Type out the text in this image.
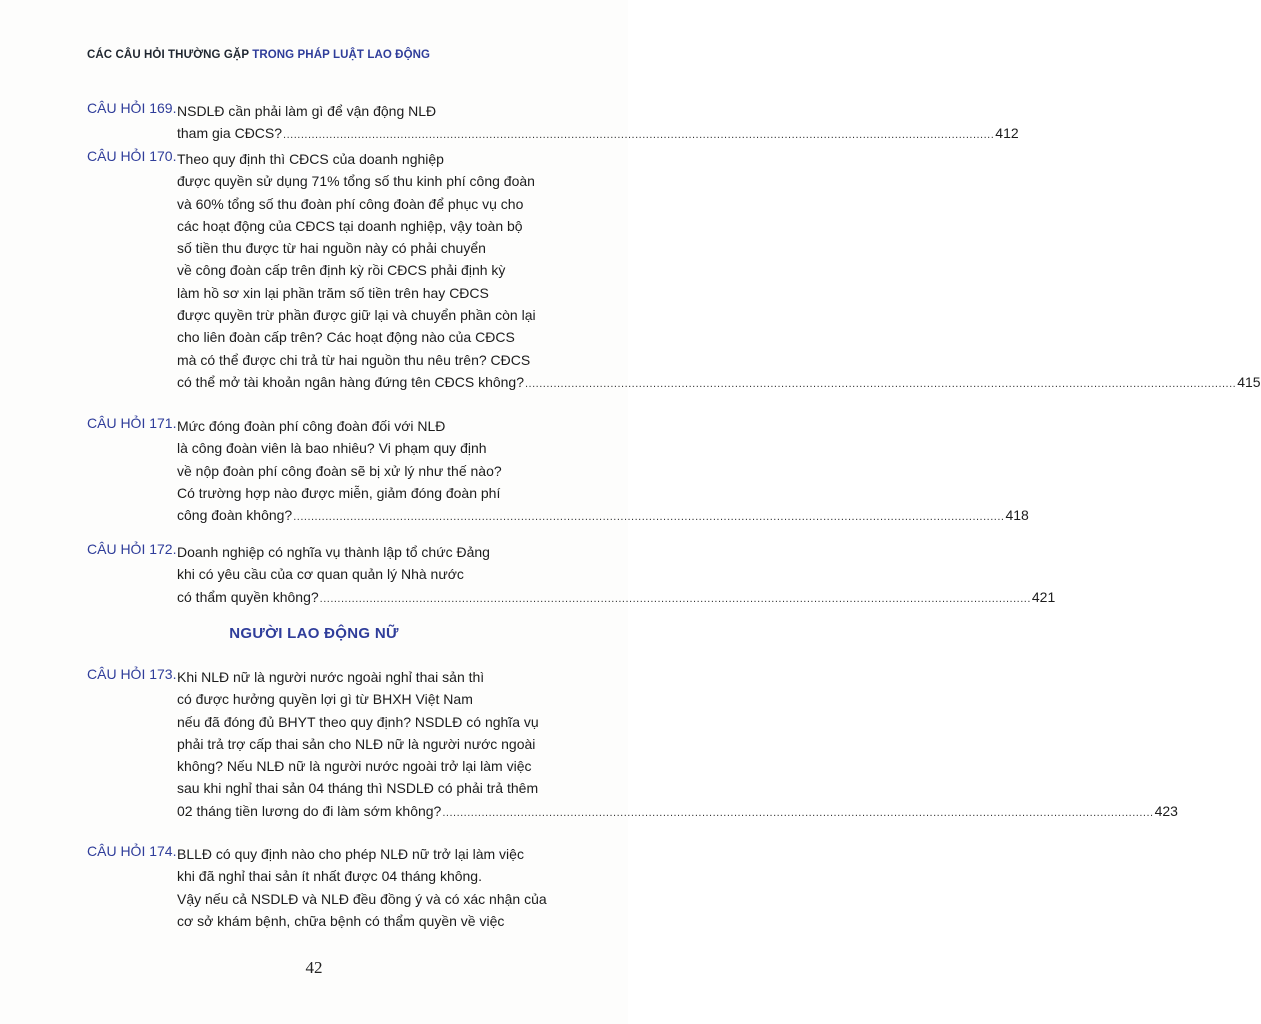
CÁC CÂU HỎI THƯỜNG GẶP TRONG PHÁP LUẬT LAO ĐỘNG
CÂU HỎI 169. NSDLĐ cần phải làm gì để vận động NLĐ
tham gia CĐCS? ........................................................................................................................................................................................................ 412
CÂU HỎI 170. Theo quy định thì CĐCS của doanh nghiệp
được quyền sử dụng 71% tổng số thu kinh phí công đoàn
và 60% tổng số thu đoàn phí công đoàn để phục vụ cho
các hoạt động của CĐCS tại doanh nghiệp, vậy toàn bộ
số tiền thu được từ hai nguồn này có phải chuyển
về công đoàn cấp trên định kỳ rồi CĐCS phải định kỳ
làm hồ sơ xin lại phần trăm số tiền trên hay CĐCS
được quyền trừ phần được giữ lại và chuyển phần còn lại
cho liên đoàn cấp trên? Các hoạt động nào của CĐCS
mà có thể được chi trả từ hai nguồn thu nêu trên? CĐCS
có thể mở tài khoản ngân hàng đứng tên CĐCS không? ........................................................................................................................................................................................................ 415
CÂU HỎI 171. Mức đóng đoàn phí công đoàn đối với NLĐ
là công đoàn viên là bao nhiêu? Vi phạm quy định
về nộp đoàn phí công đoàn sẽ bị xử lý như thế nào?
Có trường hợp nào được miễn, giảm đóng đoàn phí
công đoàn không? ........................................................................................................................................................................................................ 418
CÂU HỎI 172. Doanh nghiệp có nghĩa vụ thành lập tổ chức Đảng
khi có yêu cầu của cơ quan quản lý Nhà nước
có thẩm quyền không? ........................................................................................................................................................................................................ 421
CÂU HỎI 173. Khi NLĐ nữ là người nước ngoài nghỉ thai sản thì
có được hưởng quyền lợi gì từ BHXH Việt Nam
nếu đã đóng đủ BHYT theo quy định? NSDLĐ có nghĩa vụ
phải trả trợ cấp thai sản cho NLĐ nữ là người nước ngoài
không? Nếu NLĐ nữ là người nước ngoài trở lại làm việc
sau khi nghỉ thai sản 04 tháng thì NSDLĐ có phải trả thêm
02 tháng tiền lương do đi làm sớm không? ........................................................................................................................................................................................................ 423
CÂU HỎI 174. BLLĐ có quy định nào cho phép NLĐ nữ trở lại làm việc
khi đã nghỉ thai sản ít nhất được 04 tháng không.
Vậy nếu cả NSDLĐ và NLĐ đều đồng ý và có xác nhận của
cơ sở khám bệnh, chữa bệnh có thẩm quyền về việc
NGƯỜI LAO ĐỘNG NỮ
42
